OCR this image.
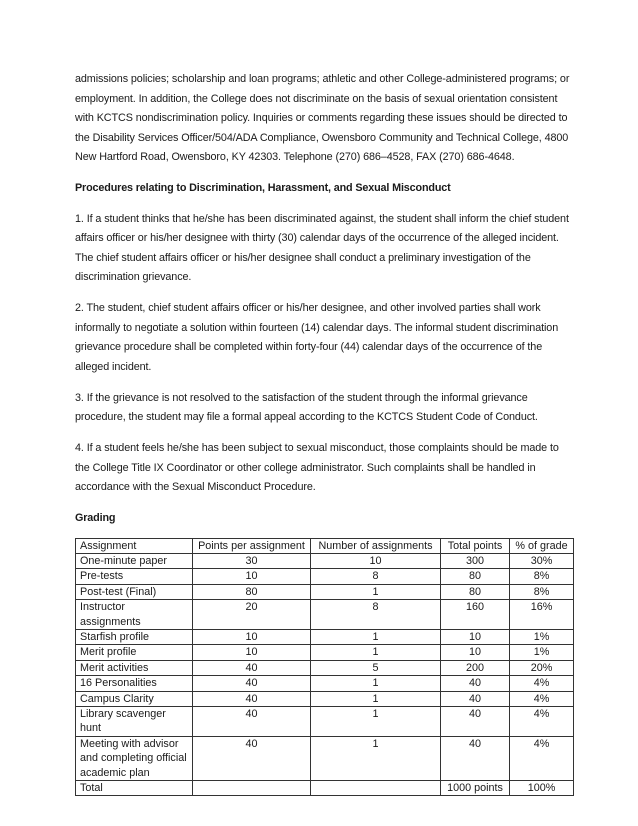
admissions policies; scholarship and loan programs; athletic and other College-administered programs; or employment. In addition, the College does not discriminate on the basis of sexual orientation consistent with KCTCS nondiscrimination policy. Inquiries or comments regarding these issues should be directed to the Disability Services Officer/504/ADA Compliance, Owensboro Community and Technical College, 4800 New Hartford Road, Owensboro, KY 42303. Telephone (270) 686–4528, FAX (270) 686-4648.

Procedures relating to Discrimination, Harassment, and Sexual Misconduct

1. If a student thinks that he/she has been discriminated against, the student shall inform the chief student affairs officer or his/her designee with thirty (30) calendar days of the occurrence of the alleged incident. The chief student affairs officer or his/her designee shall conduct a preliminary investigation of the discrimination grievance.

2. The student, chief student affairs officer or his/her designee, and other involved parties shall work informally to negotiate a solution within fourteen (14) calendar days. The informal student discrimination grievance procedure shall be completed within forty-four (44) calendar days of the occurrence of the alleged incident.

3. If the grievance is not resolved to the satisfaction of the student through the informal grievance procedure, the student may file a formal appeal according to the KCTCS Student Code of Conduct.

4. If a student feels he/she has been subject to sexual misconduct, those complaints should be made to the College Title IX Coordinator or other college administrator. Such complaints shall be handled in accordance with the Sexual Misconduct Procedure.

Grading
Assignment	Points per assignment	Number of assignments	Total points	% of grade
One-minute paper	30	10	300	30%
Pre-tests	10	8	80	8%
Post-test (Final)	80	1	80	8%
Instructor assignments	20	8	160	16%
Starfish profile	10	1	10	1%
Merit profile	10	1	10	1%
Merit activities	40	5	200	20%
16 Personalities	40	1	40	4%
Campus Clarity	40	1	40	4%
Library scavenger hunt	40	1	40	4%
Meeting with advisor and completing official academic plan	40	1	40	4%
Total			1000 points	100%
